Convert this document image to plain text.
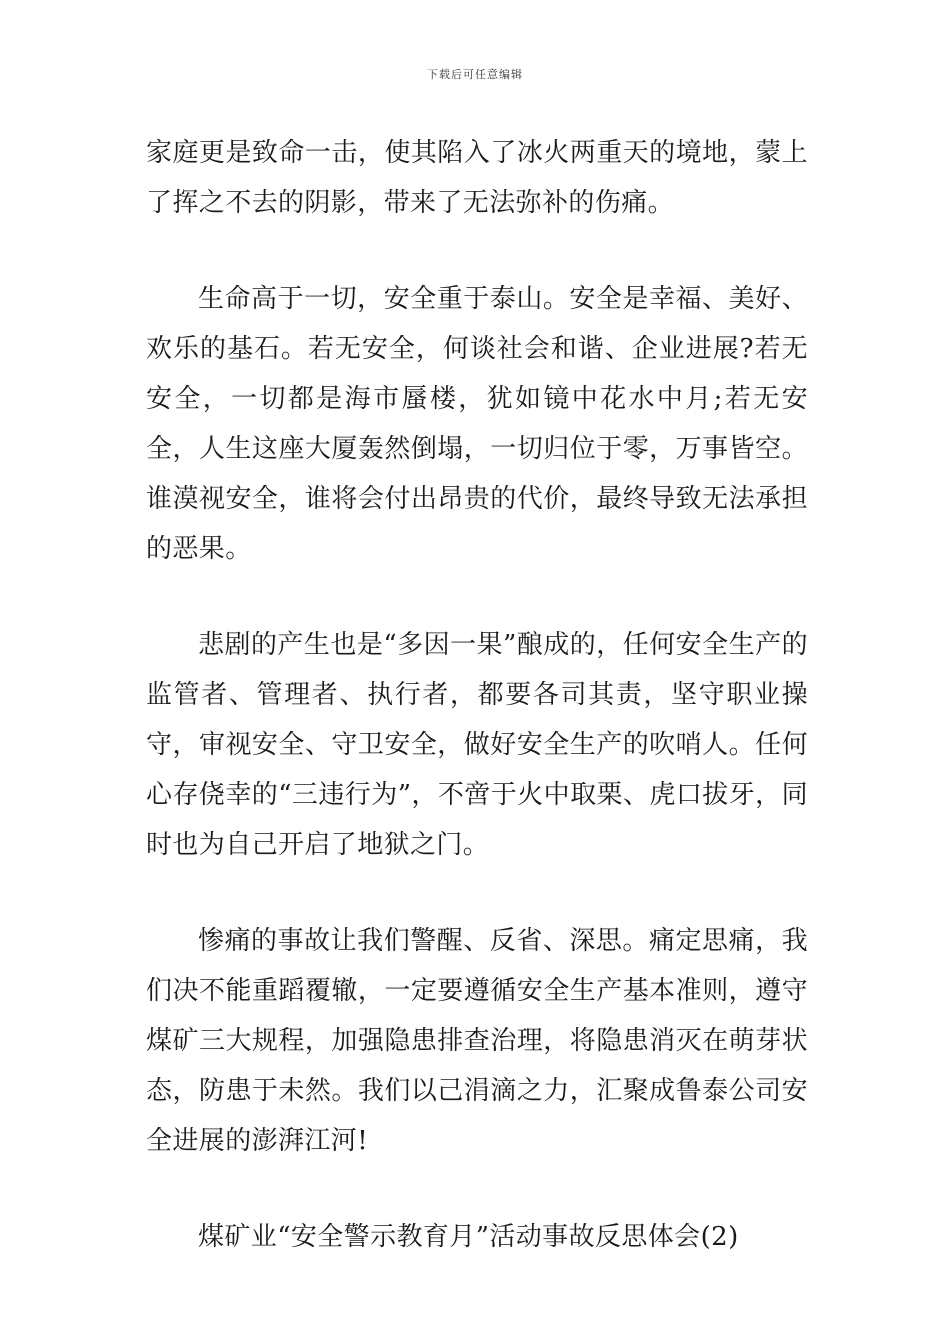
下载后可任意编辑

家庭更是致命一击，使其陷入了冰火两重天的境地，蒙上了挥之不去的阴影，带来了无法弥补的伤痛。

生命高于一切，安全重于泰山。安全是幸福、美好、欢乐的基石。若无安全，何谈社会和谐、企业进展?若无安全，一切都是海市蜃楼，犹如镜中花水中月;若无安全，人生这座大厦轰然倒塌，一切归位于零，万事皆空。谁漠视安全，谁将会付出昂贵的代价，最终导致无法承担的恶果。

悲剧的产生也是“多因一果”酿成的，任何安全生产的监管者、管理者、执行者，都要各司其责，坚守职业操守，审视安全、守卫安全，做好安全生产的吹哨人。任何心存侥幸的“三违行为”，不啻于火中取栗、虎口拔牙，同时也为自己开启了地狱之门。

惨痛的事故让我们警醒、反省、深思。痛定思痛，我们决不能重蹈覆辙，一定要遵循安全生产基本准则，遵守煤矿三大规程，加强隐患排查治理，将隐患消灭在萌芽状态，防患于未然。我们以己涓滴之力，汇聚成鲁泰公司安全进展的澎湃江河!

煤矿业“安全警示教育月”活动事故反思体会(2)
